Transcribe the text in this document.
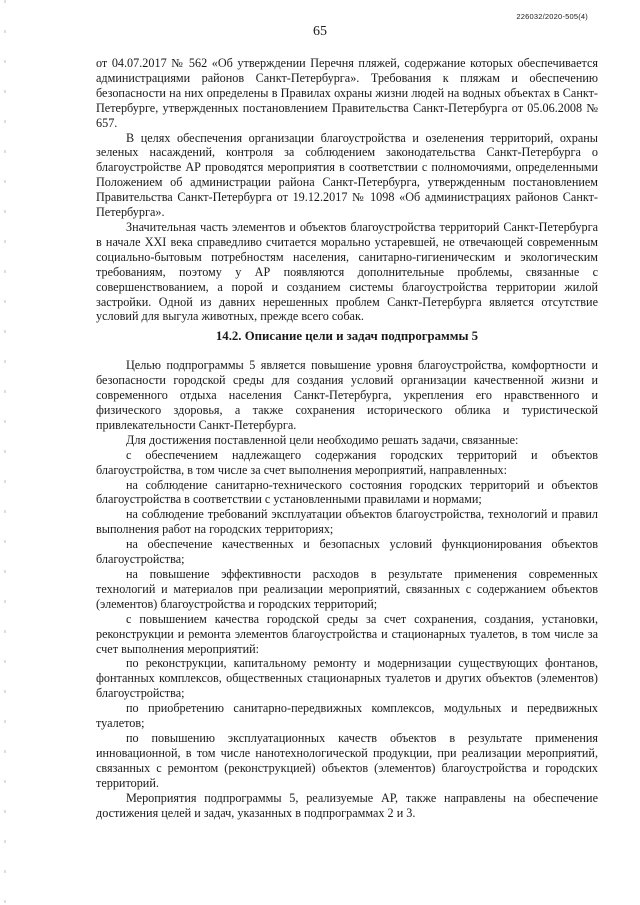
65
226032/2020-505(4)

от 04.07.2017 № 562 «Об утверждении Перечня пляжей, содержание которых обеспечивается администрациями районов Санкт-Петербурга». Требования к пляжам и обеспечению безопасности на них определены в Правилах охраны жизни людей на водных объектах в Санкт-Петербурге, утвержденных постановлением Правительства Санкт-Петербурга от 05.06.2008 № 657.

В целях обеспечения организации благоустройства и озеленения территорий, охраны зеленых насаждений, контроля за соблюдением законодательства Санкт-Петербурга о благоустройстве АР проводятся мероприятия в соответствии с полномочиями, определенными Положением об администрации района Санкт-Петербурга, утвержденным постановлением Правительства Санкт-Петербурга от 19.12.2017 № 1098 «Об администрациях районов Санкт-Петербурга».

Значительная часть элементов и объектов благоустройства территорий Санкт-Петербурга в начале XXI века справедливо считается морально устаревшей, не отвечающей современным социально-бытовым потребностям населения, санитарно-гигиеническим и экологическим требованиям, поэтому у АР появляются дополнительные проблемы, связанные с совершенствованием, а порой и созданием системы благоустройства территории жилой застройки. Одной из давних нерешенных проблем Санкт-Петербурга является отсутствие условий для выгула животных, прежде всего собак.

14.2. Описание цели и задач подпрограммы 5

Целью подпрограммы 5 является повышение уровня благоустройства, комфортности и безопасности городской среды для создания условий организации качественной жизни и современного отдыха населения Санкт-Петербурга, укрепления его нравственного и физического здоровья, а также сохранения исторического облика и туристической привлекательности Санкт-Петербурга.

Для достижения поставленной цели необходимо решать задачи, связанные:

с обеспечением надлежащего содержания городских территорий и объектов благоустройства, в том числе за счет выполнения мероприятий, направленных:

на соблюдение санитарно-технического состояния городских территорий и объектов благоустройства в соответствии с установленными правилами и нормами;

на соблюдение требований эксплуатации объектов благоустройства, технологий и правил выполнения работ на городских территориях;

на обеспечение качественных и безопасных условий функционирования объектов благоустройства;

на повышение эффективности расходов в результате применения современных технологий и материалов при реализации мероприятий, связанных с содержанием объектов (элементов) благоустройства и городских территорий;

с повышением качества городской среды за счет сохранения, создания, установки, реконструкции и ремонта элементов благоустройства и стационарных туалетов, в том числе за счет выполнения мероприятий:

по реконструкции, капитальному ремонту и модернизации существующих фонтанов, фонтанных комплексов, общественных стационарных туалетов и других объектов (элементов) благоустройства;

по приобретению санитарно-передвижных комплексов, модульных и передвижных туалетов;

по повышению эксплуатационных качеств объектов в результате применения инновационной, в том числе нанотехнологической продукции, при реализации мероприятий, связанных с ремонтом (реконструкцией) объектов (элементов) благоустройства и городских территорий.

Мероприятия подпрограммы 5, реализуемые АР, также направлены на обеспечение достижения целей и задач, указанных в подпрограммах 2 и 3.
